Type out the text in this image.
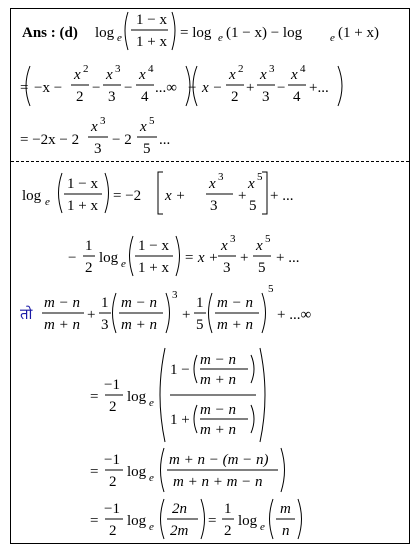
Ans : (d) log e
1 − x
1 + x
= log e (1 − x) − log	e (1 + x)
= −x −
x 2
2
−
x 3
3
−
x 4
4
...∞ − x −
x 2
2
+
x 3
3
−
x 4
4
+...
= −2x − 2
x 3
3
− 2
x 5
5
...
log e
1 − x
1 + x
= −2 x +
x 3
3
+
x 5
5
+ ...
−
1
2
log e
1 − x
1 + x
= x +
x 3
3
+
x 5
5
+ ...
तो
m − n
m + n
+
1
3
m − n
m + n
3
+
1
5
m − n
m + n
5
+ ...∞
=
−1
2
log e
1 −
m − n
m + n
1 +
m − n
m + n
=
−1
2
log e
m + n − (m − n)
m + n + m − n
=
−1
2
log e
2n
2m
=
1
2
log e
m
n
